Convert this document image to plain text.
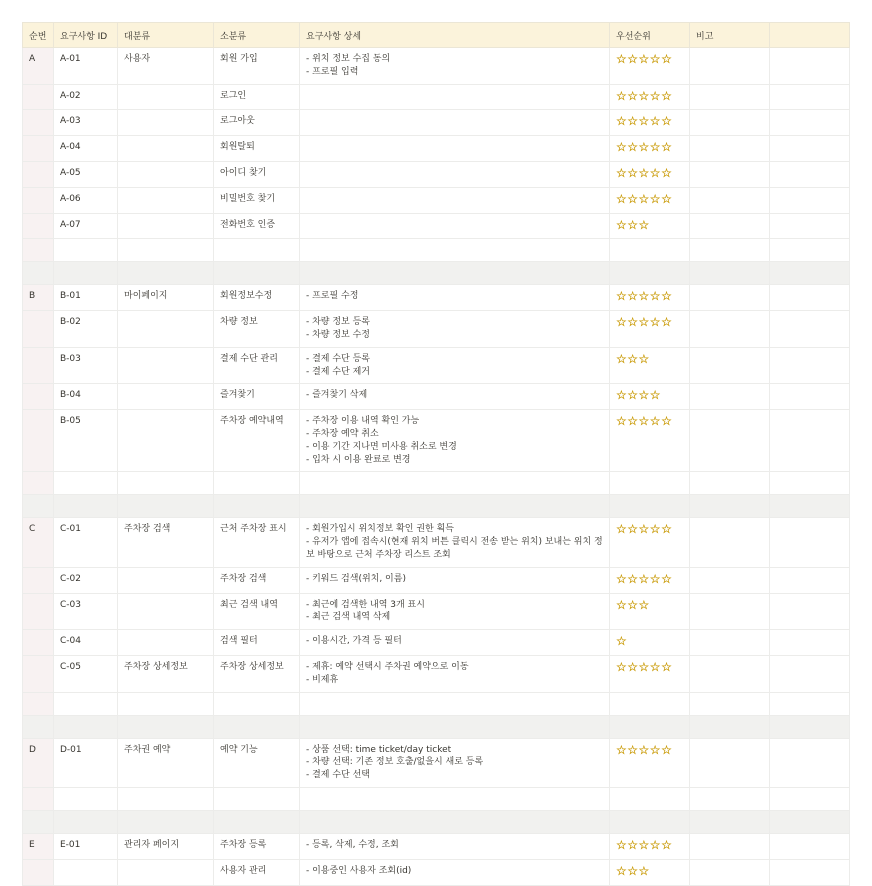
순번	요구사항 ID	대분류	소분류	요구사항 상세	우선순위	비고	
A	A-01	사용자	회원 가입	- 위치 정보 수집 동의
- 프로필 입력	☆☆☆☆☆		
	A-02		로그인		☆☆☆☆☆		
	A-03		로그아웃		☆☆☆☆☆		
	A-04		회원탈퇴		☆☆☆☆☆		
	A-05		아이디 찾기		☆☆☆☆☆		
	A-06		비밀번호 찾기		☆☆☆☆☆		
	A-07		전화번호 인증		☆☆☆		

B	B-01	마이페이지	회원정보수정	- 프로필 수정	☆☆☆☆☆		
	B-02		차량 정보	- 차량 정보 등록
- 차량 정보 수정	☆☆☆☆☆		
	B-03		결제 수단 관리	- 결제 수단 등록
- 결제 수단 제거	☆☆☆		
	B-04		즐겨찾기	- 즐겨찾기 삭제	☆☆☆☆		
	B-05		주차장 예약내역	- 주차장 이용 내역 확인 가능
- 주차장 예약 취소
- 이용 기간 지나면 미사용 취소로 변경
- 입차 시 이용 완료로 변경	☆☆☆☆☆		

C	C-01	주차장 검색	근처 주차장 표시	- 회원가입시 위치정보 확인 권한 획득
- 유저가 앱에 접속시(현재 위치 버튼 클릭시 전송 받는 위치) 보내는 위치 정보 바탕으로 근처 주차장 리스트 조회	☆☆☆☆☆		
	C-02		주차장 검색	- 키워드 검색(위치, 이름)	☆☆☆☆☆		
	C-03		최근 검색 내역	- 최근에 검색한 내역 3개 표시
- 최근 검색 내역 삭제	☆☆☆		
	C-04		검색 필터	- 이용시간, 가격 등 필터	☆		
	C-05	주차장 상세정보	주차장 상세정보	- 제휴: 예약 선택시 주차권 예약으로 이동
- 비제휴	☆☆☆☆☆		

D	D-01	주차권 예약	예약 기능	- 상품 선택: time ticket/day ticket
- 차량 선택: 기존 정보 호출/없을시 새로 등록
- 결제 수단 선택	☆☆☆☆☆		

E	E-01	관리자 페이지	주차장 등록	- 등록, 삭제, 수정, 조회	☆☆☆☆☆		
			사용자 관리	- 이용중인 사용자 조회(id)	☆☆☆		
